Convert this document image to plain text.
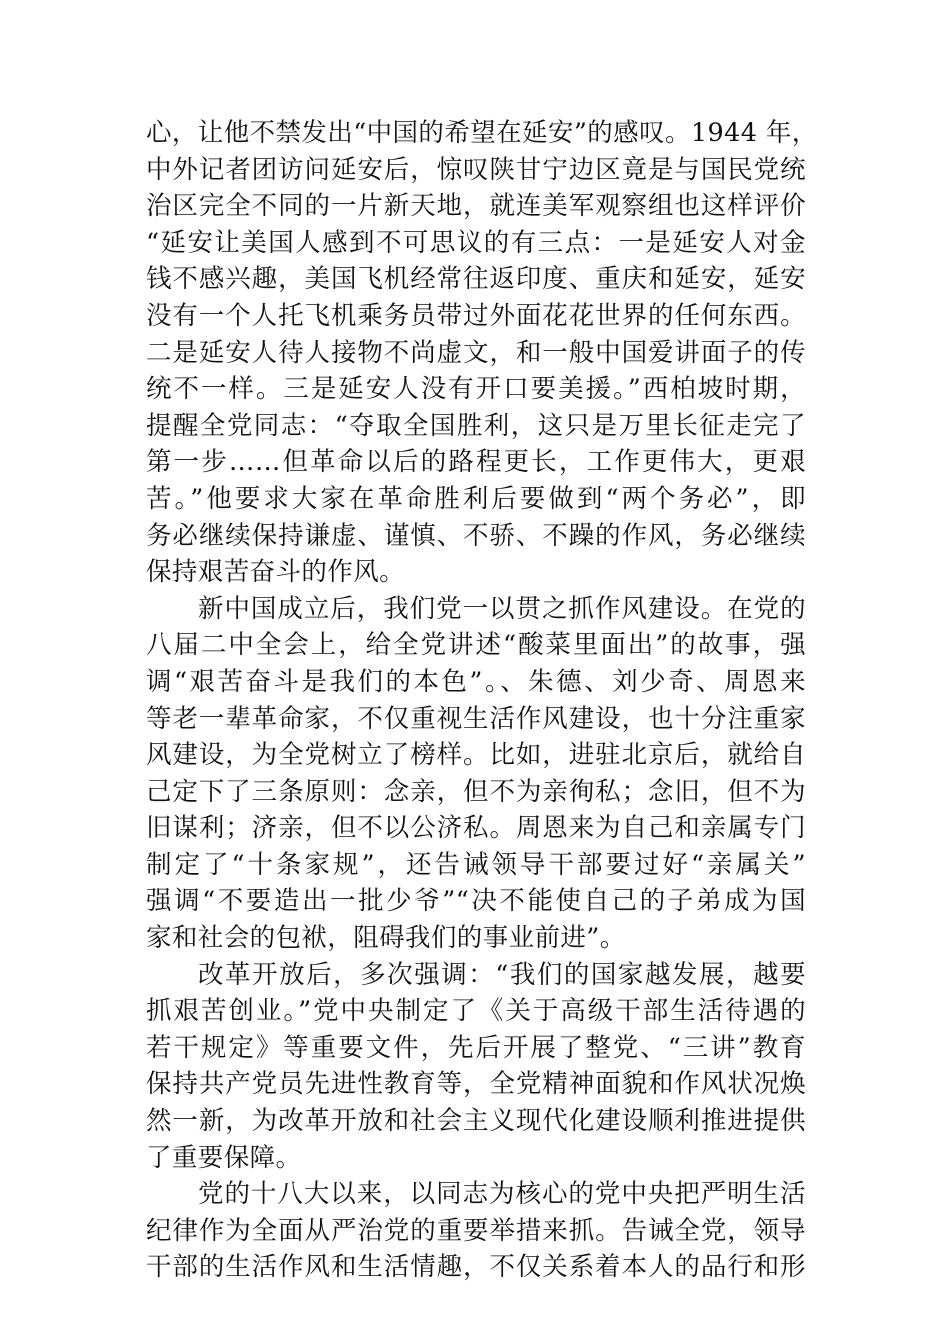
心，让他不禁发出“中国的希望在延安”的感叹。1944 年，
中外记者团访问延安后，惊叹陕甘宁边区竟是与国民党统
治区完全不同的一片新天地，就连美军观察组也这样评价
“延安让美国人感到不可思议的有三点：一是延安人对金
钱不感兴趣，美国飞机经常往返印度、重庆和延安，延安
没有一个人托飞机乘务员带过外面花花世界的任何东西。
二是延安人待人接物不尚虚文，和一般中国爱讲面子的传
统不一样。三是延安人没有开口要美援。”西柏坡时期，
提醒全党同志：“夺取全国胜利，这只是万里长征走完了
第一步……但革命以后的路程更长，工作更伟大，更艰
苦。”他要求大家在革命胜利后要做到“两个务必”，即
务必继续保持谦虚、谨慎、不骄、不躁的作风，务必继续
保持艰苦奋斗的作风。
新中国成立后，我们党一以贯之抓作风建设。在党的
八届二中全会上，给全党讲述“酸菜里面出”的故事，强
调“艰苦奋斗是我们的本色”。、朱德、刘少奇、周恩来
等老一辈革命家，不仅重视生活作风建设，也十分注重家
风建设，为全党树立了榜样。比如，进驻北京后，就给自
己定下了三条原则：念亲，但不为亲徇私；念旧，但不为
旧谋利；济亲，但不以公济私。周恩来为自己和亲属专门
制定了“十条家规”，还告诫领导干部要过好“亲属关”
强调“不要造出一批少爷”“决不能使自己的子弟成为国
家和社会的包袱，阻碍我们的事业前进”。
改革开放后，多次强调：“我们的国家越发展，越要
抓艰苦创业。”党中央制定了《关于高级干部生活待遇的
若干规定》等重要文件，先后开展了整党、“三讲”教育
保持共产党员先进性教育等，全党精神面貌和作风状况焕
然一新，为改革开放和社会主义现代化建设顺利推进提供
了重要保障。
党的十八大以来，以同志为核心的党中央把严明生活
纪律作为全面从严治党的重要举措来抓。告诫全党，领导
干部的生活作风和生活情趣，不仅关系着本人的品行和形
